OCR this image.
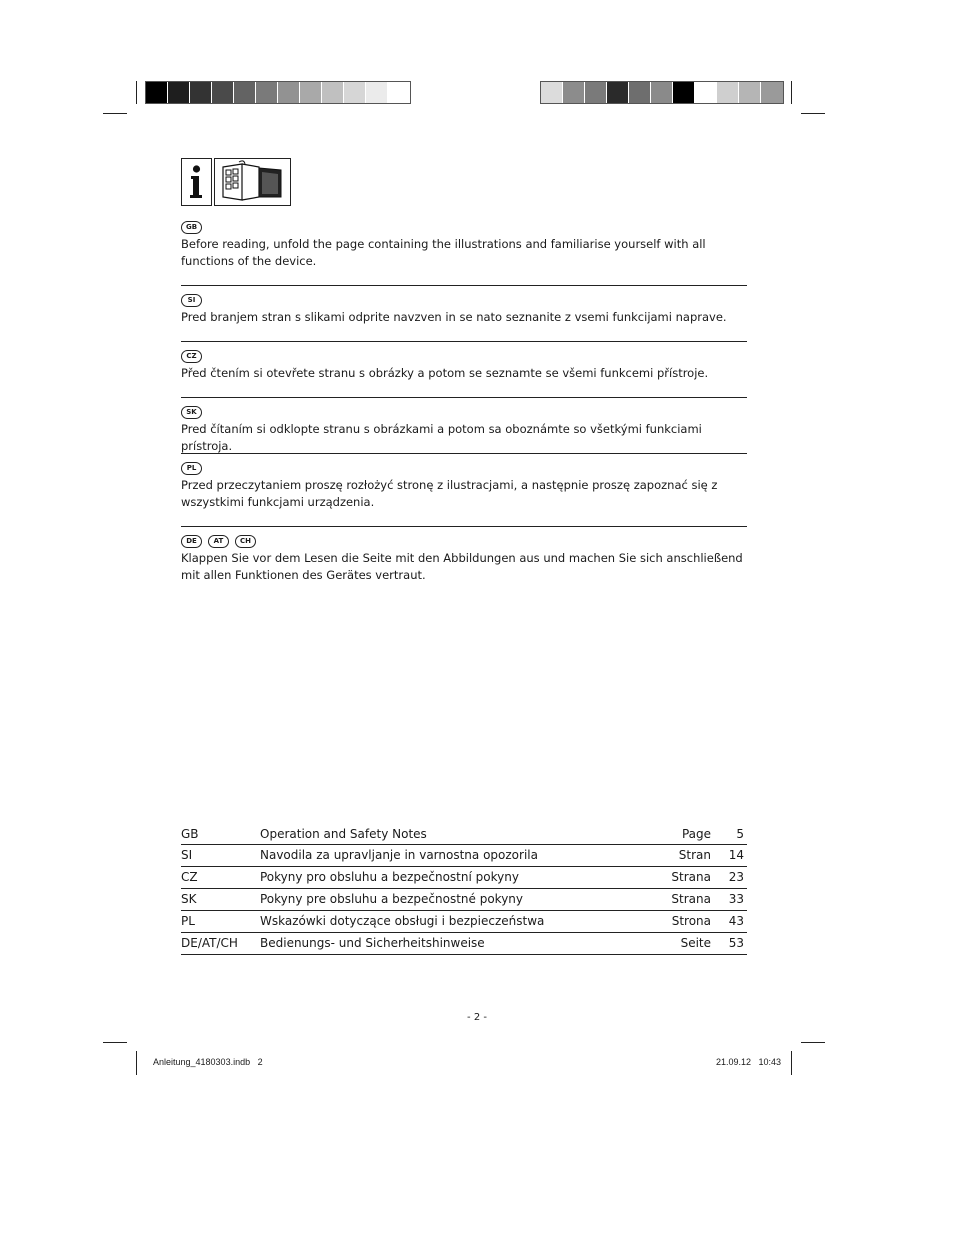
GB

Before reading, unfold the page containing the illustrations and familiarise yourself with all functions of the device.

SI

Pred branjem stran s slikami odprite navzven in se nato seznanite z vsemi funkcijami naprave.

CZ

Před čtením si otevřete stranu s obrázky a potom se seznamte se všemi funkcemi přístroje.

SK

Pred čítaním si odklopte stranu s obrázkami a potom sa oboznámte so všetkými funkciami prístroja.

PL

Przed przeczytaniem proszę rozłożyć stronę z ilustracjami, a następnie proszę zapoznać się z wszystkimi funkcjami urządzenia.

DE	AT	CH

Klappen Sie vor dem Lesen die Seite mit den Abbildungen aus und machen Sie sich anschließend mit allen Funktionen des Gerätes vertraut.

GB	Operation and Safety Notes	Page 5
SI	Navodila za upravljanje in varnostna opozorila	Stran 14
CZ	Pokyny pro obsluhu a bezpečnostní pokyny	Strana 23
SK	Pokyny pre obsluhu a bezpečnostné pokyny	Strana 33
PL	Wskazówki dotyczące obsługi i bezpieczeństwa	Strona 43
DE/AT/CH Bedienungs- und Sicherheitshinweise	Seite 53
- 2 -
Anleitung_4180303.indb   2	21.09.12   10:43
